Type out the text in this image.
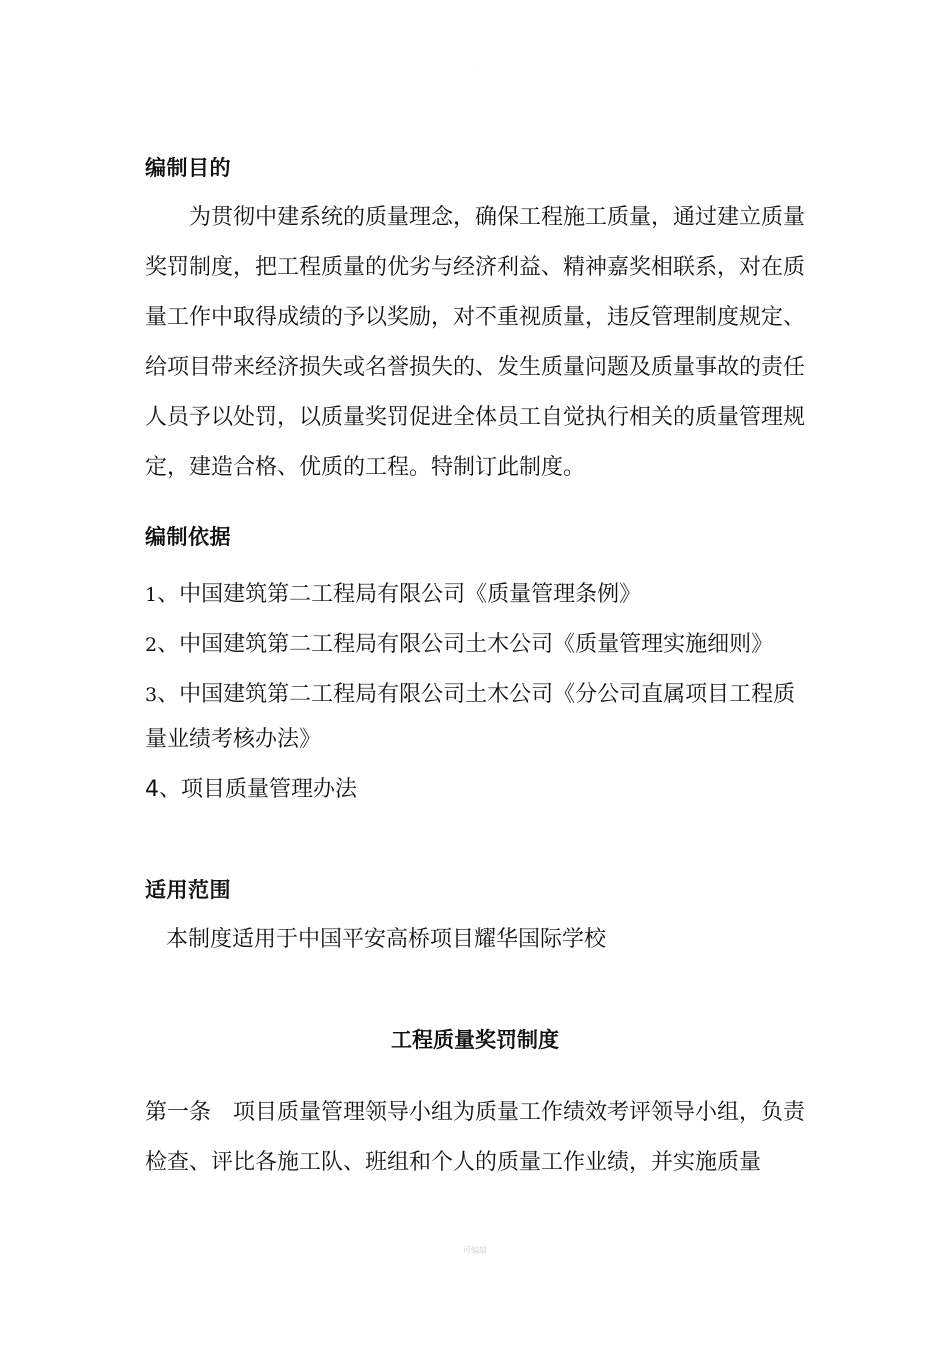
·
编制目的

为贯彻中建系统的质量理念，确保工程施工质量，通过建立质量奖罚制度，把工程质量的优劣与经济利益、精神嘉奖相联系，对在质量工作中取得成绩的予以奖励，对不重视质量，违反管理制度规定、给项目带来经济损失或名誉损失的、发生质量问题及质量事故的责任人员予以处罚，以质量奖罚促进全体员工自觉执行相关的质量管理规定，建造合格、优质的工程。特制订此制度。

编制依据
1、中国建筑第二工程局有限公司《质量管理条例》
2、中国建筑第二工程局有限公司土木公司《质量管理实施细则》
3、中国建筑第二工程局有限公司土木公司《分公司直属项目工程质
量业绩考核办法》
4、项目质量管理办法
适用范围
本制度适用于中国平安高桥项目耀华国际学校
工程质量奖罚制度

第一条　项目质量管理领导小组为质量工作绩效考评领导小组，负责检查、评比各施工队、班组和个人的质量工作业绩，并实施质量

可编辑
